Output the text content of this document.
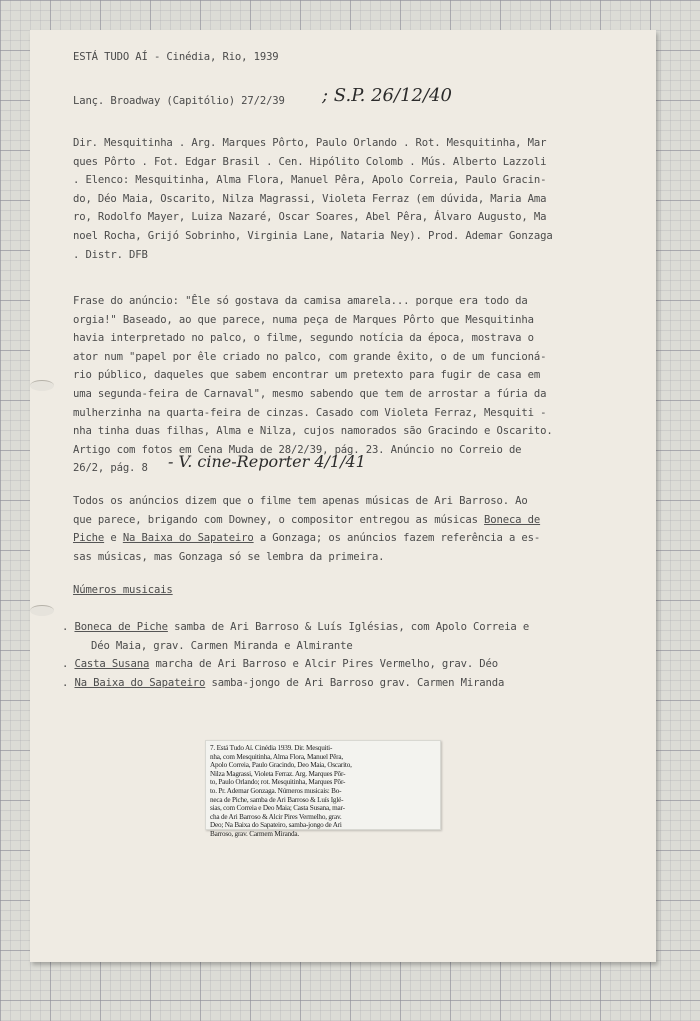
ESTÁ TUDO AÍ - Cinédia, Rio, 1939
Lanç. Broadway (Capitólio) 27/2/39 ; S.P. 26/12/40
Dir. Mesquitinha . Arg. Marques Pôrto, Paulo Orlando . Rot. Mesquitinha, Mar
ques Pôrto . Fot. Edgar Brasil . Cen. Hipólito Colomb . Mús. Alberto Lazzoli
. Elenco: Mesquitinha, Alma Flora, Manuel Pêra, Apolo Correia, Paulo Gracin-
do, Déo Maia, Oscarito, Nilza Magrassi, Violeta Ferraz (em dúvida, Maria Ama
ro, Rodolfo Mayer, Luiza Nazaré, Oscar Soares, Abel Pêra, Álvaro Augusto, Ma
noel Rocha, Grijó Sobrinho, Virginia Lane, Nataria Ney). Prod. Ademar Gonzaga
. Distr. DFB
Frase do anúncio: "Êle só gostava da camisa amarela... porque era todo da
orgia!" Baseado, ao que parece, numa peça de Marques Pôrto que Mesquitinha
havia interpretado no palco, o filme, segundo notícia da época, mostrava o
ator num "papel por êle criado no palco, com grande êxito, o de um funcioná-
rio público, daqueles que sabem encontrar um pretexto para fugir de casa em
uma segunda-feira de Carnaval", mesmo sabendo que tem de arrostar a fúria da
mulherzinha na quarta-feira de cinzas. Casado com Violeta Ferraz, Mesquiti -
nha tinha duas filhas, Alma e Nilza, cujos namorados são Gracindo e Oscarito.
Artigo com fotos em Cena Muda de 28/2/39, pág. 23. Anúncio no Correio de
26/2, pág. 8 - V. cine-Reporter 4/1/41
Todos os anúncios dizem que o filme tem apenas músicas de Ari Barroso. Ao
que parece, brigando com Downey, o compositor entregou as músicas Boneca de
Piche e Na Baixa do Sapateiro a Gonzaga; os anúncios fazem referência a es-
sas músicas, mas Gonzaga só se lembra da primeira.
Números musicais
. Boneca de Piche samba de Ari Barroso & Luís Iglésias, com Apolo Correia e
Déo Maia, grav. Carmen Miranda e Almirante
. Casta Susana marcha de Ari Barroso e Alcir Pires Vermelho, grav. Déo
. Na Baixa do Sapateiro samba-jongo de Ari Barroso grav. Carmen Miranda
7. Está Tudo Aí. Cinédia 1939. Dir. Mesquiti-
nha, com Mesquitinha, Alma Flora, Manuel Pêra,
Apolo Correia, Paulo Gracindo, Deo Maia, Oscarito,
Nilza Magrassi, Violeta Ferraz. Arg. Marques Pôr-
to, Paulo Orlando; rot. Mesquitinha, Marques Pôr-
to. Pr. Ademar Gonzaga. Números musicais: Bo-
neca de Piche, samba de Ari Barroso & Luís Iglé-
sias, com Correia e Deo Maia; Casta Susana, mar-
cha de Ari Barroso & Alcir Pires Vermelho, grav.
Deo; Na Baixa do Sapateiro, samba-jongo de Ari
Barroso, grav. Carmem Miranda.
